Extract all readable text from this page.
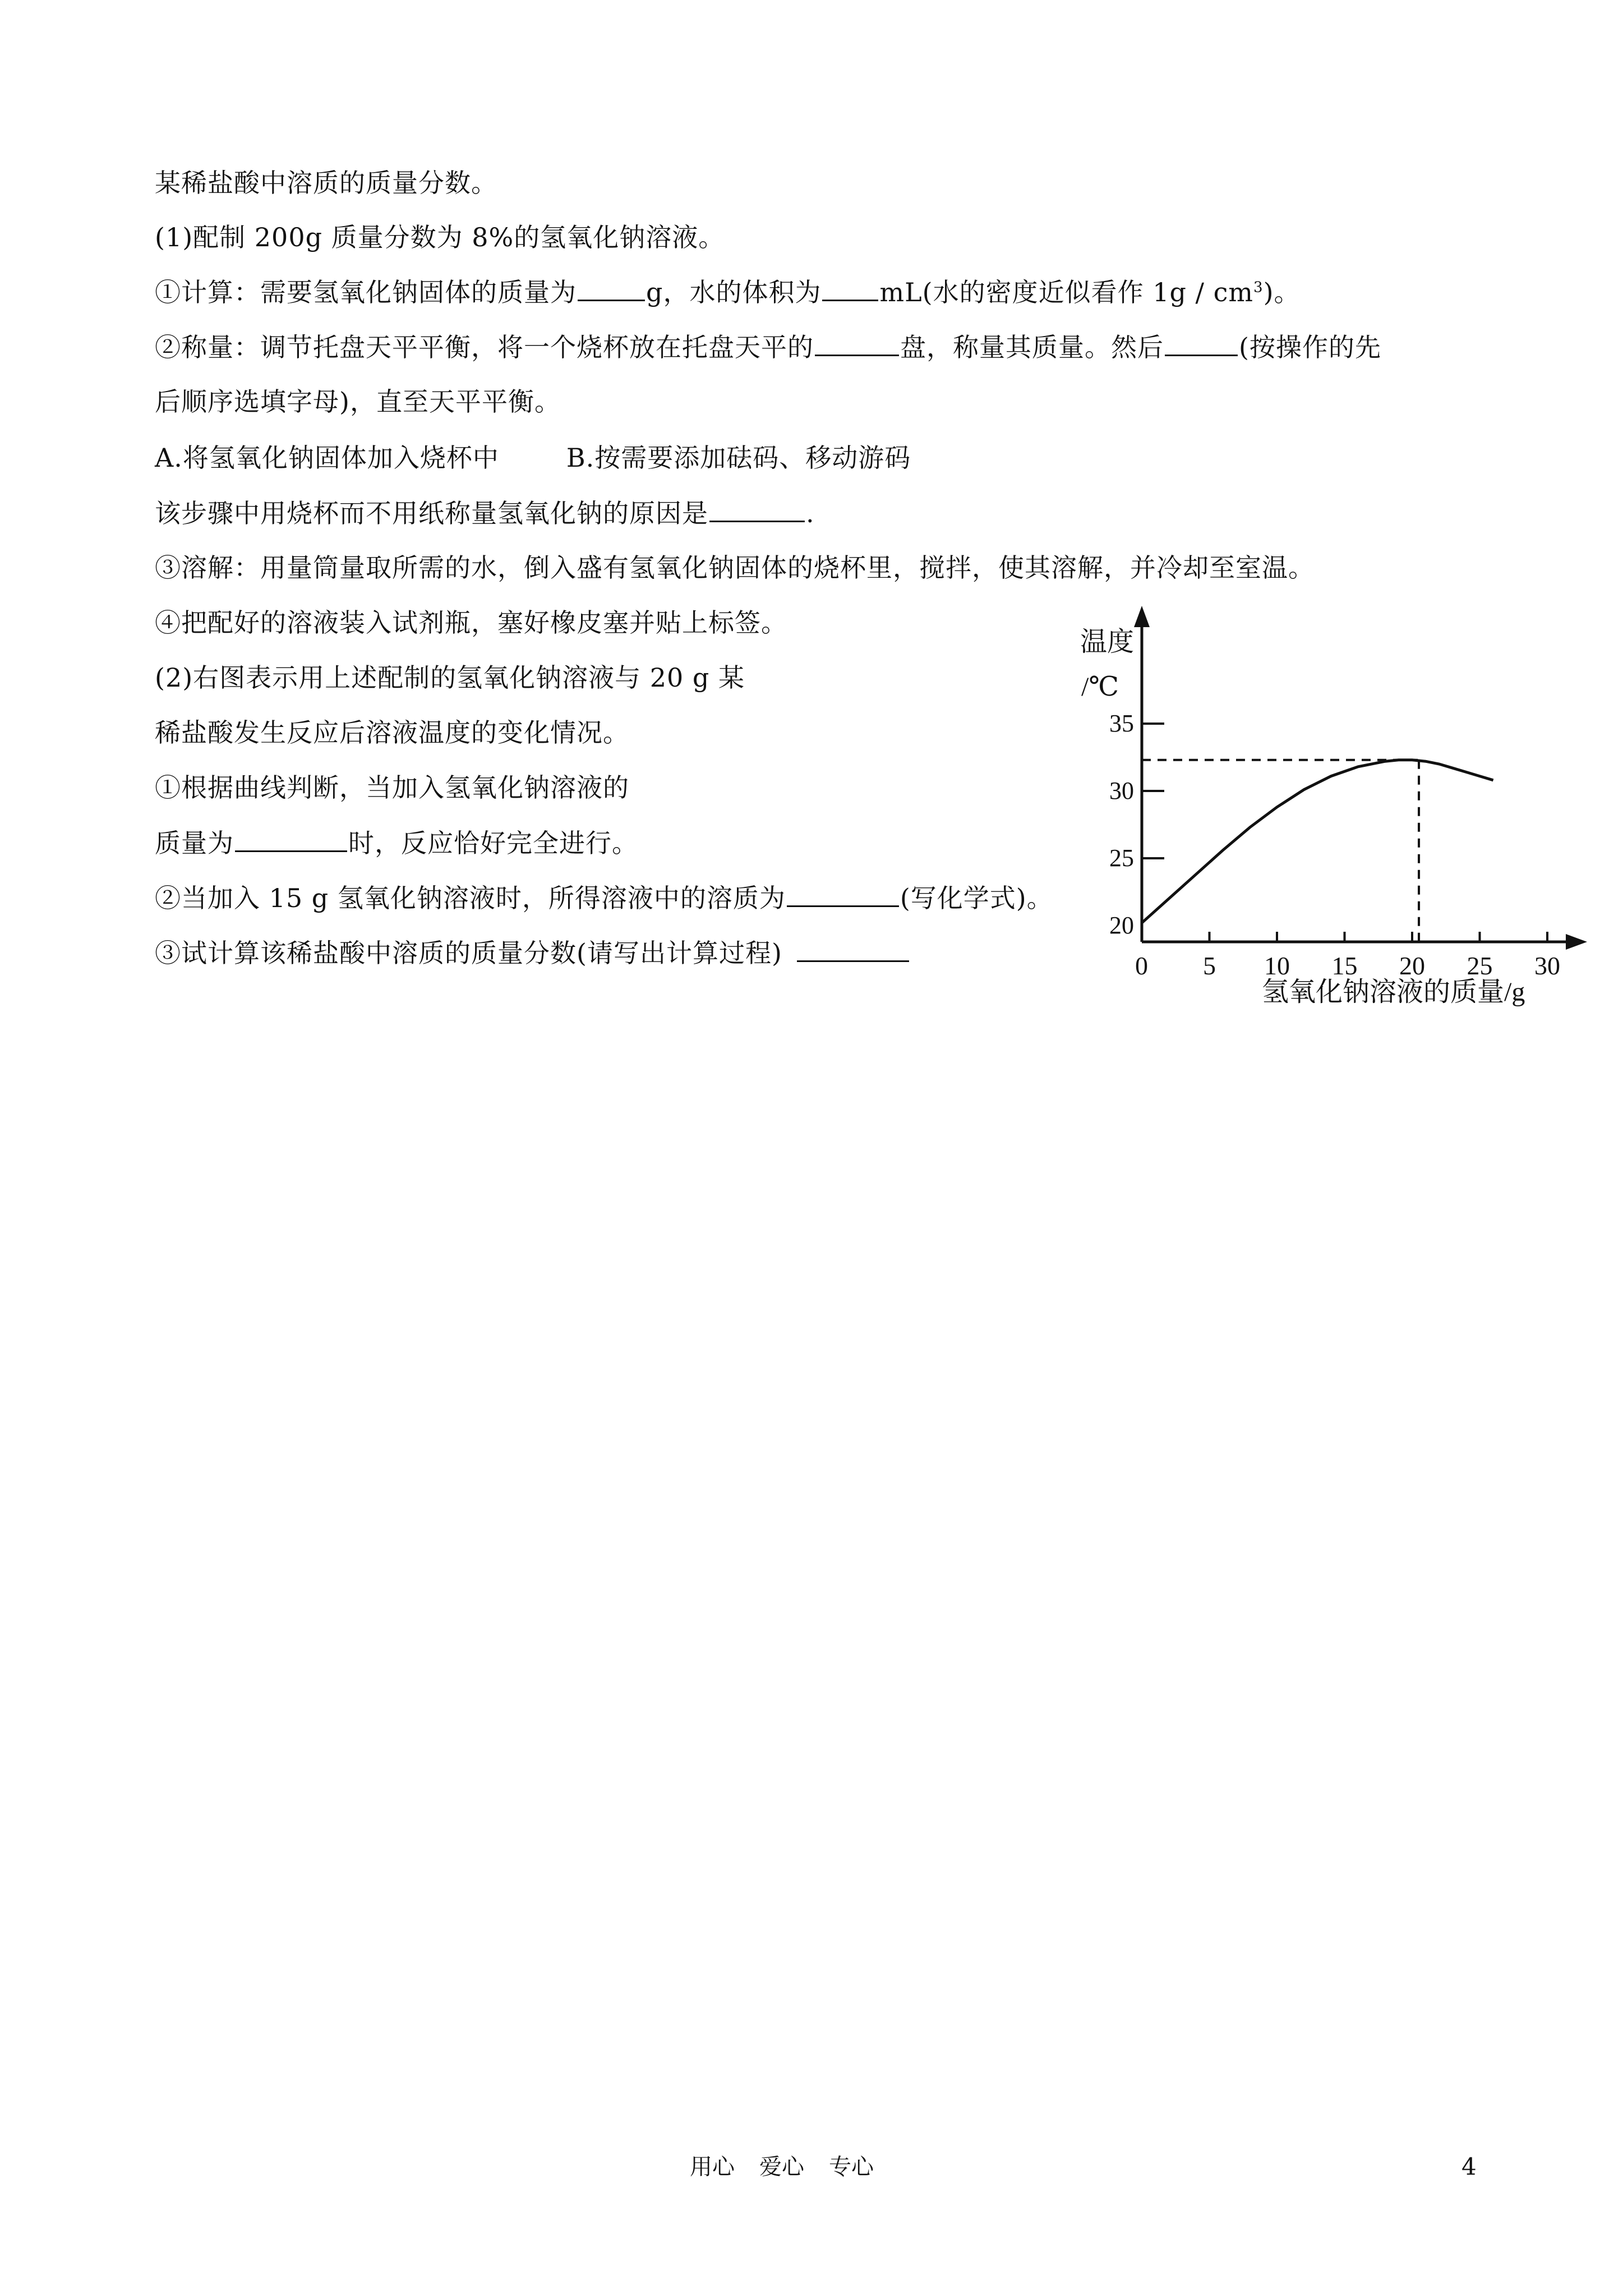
某稀盐酸中溶质的质量分数。
(1)配制 200g 质量分数为 8%的氢氧化钠溶液。
①计算：需要氢氧化钠固体的质量为	g，水的体积为 mL(水的密度近似看作 $1g / cm^3$)。
②称量：调节托盘天平平衡，将一个烧杯放在托盘天平的	盘，称量其质量。然后	(按操作的先
后顺序选填字母)，直至天平平衡。
A.将氢氧化钠固体加入烧杯中	B.按需要添加砝码、移动游码
该步骤中用烧杯而不用纸称量氢氧化钠的原因是	.
③溶解：用量筒量取所需的水，倒入盛有氢氧化钠固体的烧杯里，搅拌，使其溶解，并冷却至室温。
④把配好的溶液装入试剂瓶，塞好橡皮塞并贴上标签。
(2)右图表示用上述配制的氢氧化钠溶液与 20 g 某
稀盐酸发生反应后溶液温度的变化情况。
①根据曲线判断，当加入氢氧化钠溶液的
质量为	时，反应恰好完全进行。
②当加入 15 g 氢氧化钠溶液时，所得溶液中的溶质为	(写化学式)。
③试计算该稀盐酸中溶质的质量分数(请写出计算过程)
温度
/℃
氢氧化钠溶液的质量/g
0 5 10 15 20 25 30
20
25
30
35
用心 爱心 专心	4
